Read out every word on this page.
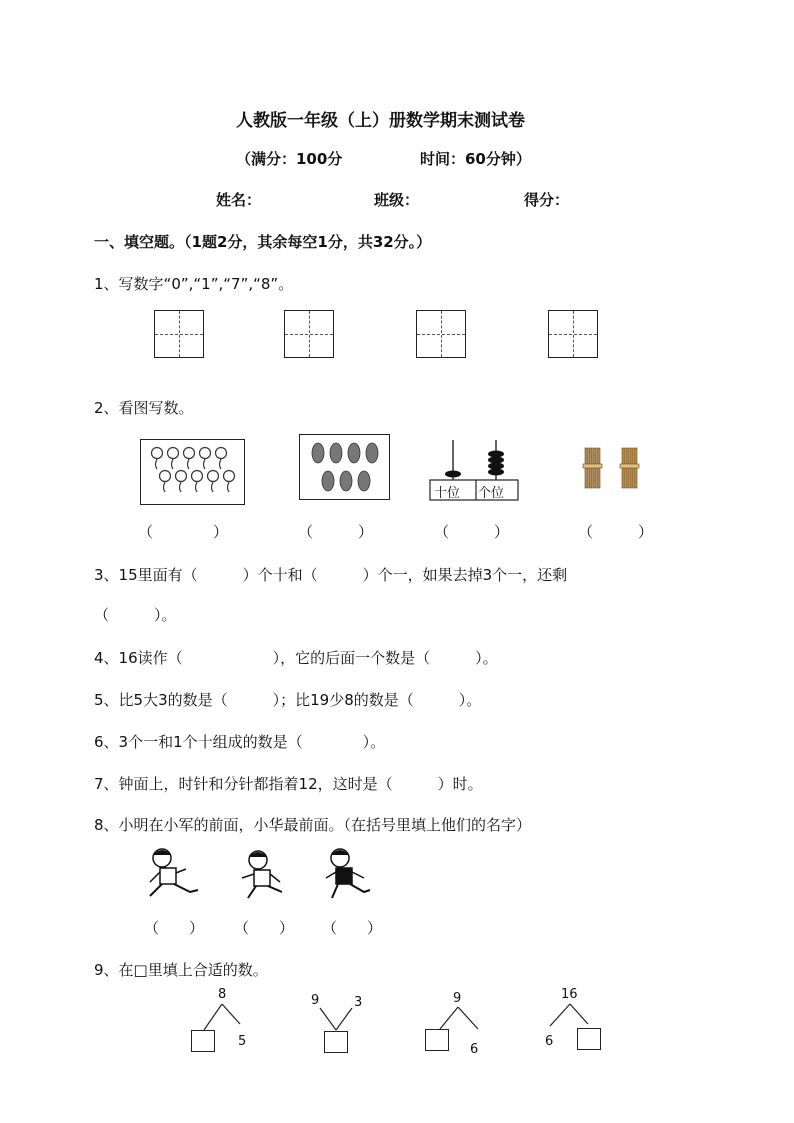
人教版一年级（上）册数学期末测试卷
（满分：100分	时间：60分钟）
姓名：	班级：	得分：
一、填空题。（1题2分，其余每空1分，共32分。）
1、写数字“0”,“1”,“7”,“8”。
2、看图写数。
十位 个位
（　　　　）	（　　　）	（　　　）	（　　　）
3、15里面有（　　　）个十和（　　　）个一，如果去掉3个一，还剩
（　　　）。
4、16读作（　　　　　　），它的后面一个数是（　　　）。
5、比5大3的数是（　　　）；比19少8的数是（　　　）。
6、3个一和1个十组成的数是（　　　　）。
7、钟面上，时针和分针都指着12，这时是（　　　）时。
8、小明在小军的前面，小华最前面。（在括号里填上他们的名字）
（　　） （　　） （　　）
9、在□里填上合适的数。
8
5
9	3	9
6
16
6
